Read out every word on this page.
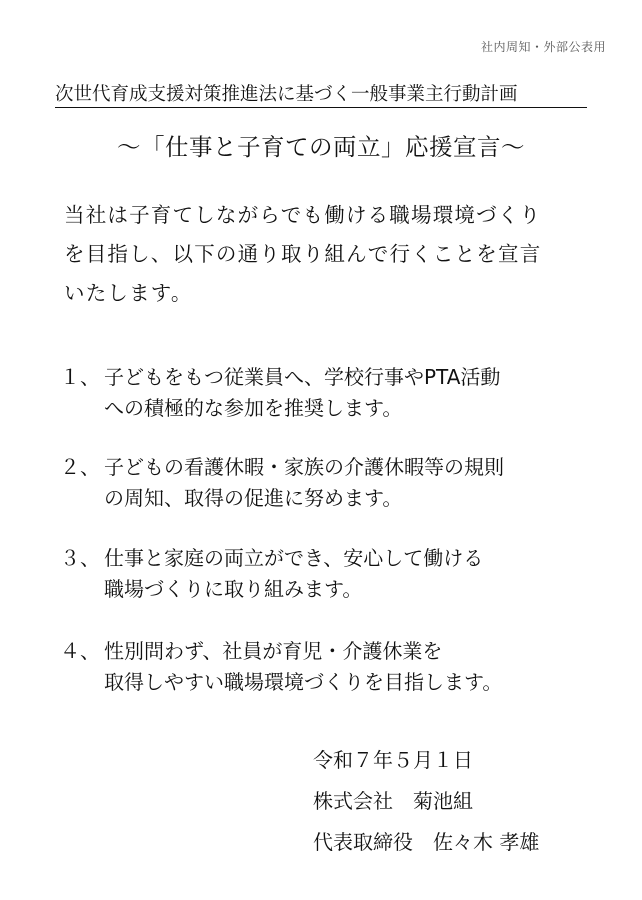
社内周知・外部公表用
次世代育成支援対策推進法に基づく一般事業主行動計画
～「仕事と子育ての両立」応援宣言～
当社は子育てしながらでも働ける職場環境づくり
を目指し、以下の通り取り組んで行くことを宣言
いたします。
１、 子どもをもつ従業員へ、学校行事やPTA活動
への積極的な参加を推奨します。
２、 子どもの看護休暇・家族の介護休暇等の規則
の周知、取得の促進に努めます。
３、 仕事と家庭の両立ができ、安心して働ける
職場づくりに取り組みます。
４、 性別問わず、社員が育児・介護休業を
取得しやすい職場環境づくりを目指します。
令和７年５月１日
株式会社　菊池組
代表取締役　佐々木 孝雄
